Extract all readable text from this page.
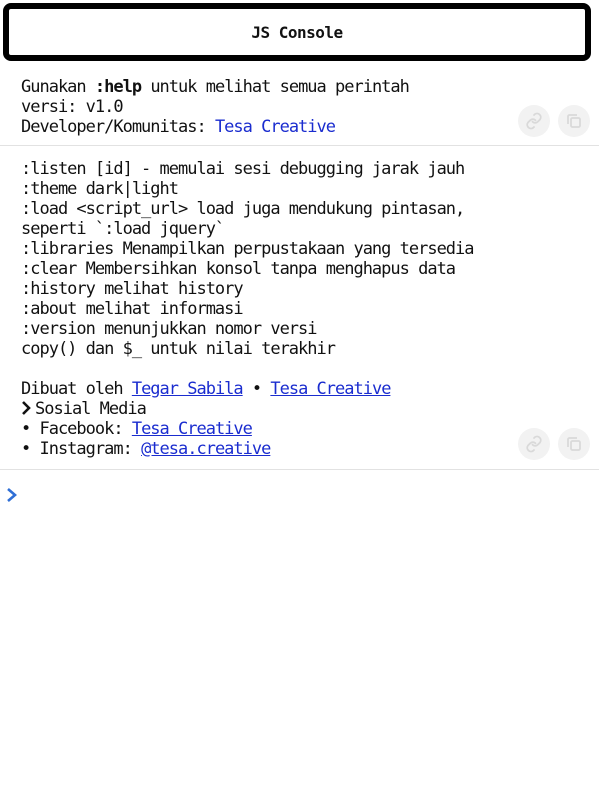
JS Console
Gunakan :help untuk melihat semua perintah
versi: v1.0
Developer/Komunitas: Tesa Creative
:listen [id] - memulai sesi debugging jarak jauh
:theme dark|light
:load <script_url> load juga mendukung pintasan,
seperti `:load jquery`
:libraries Menampilkan perpustakaan yang tersedia
:clear Membersihkan konsol tanpa menghapus data
:history melihat history
:about melihat informasi
:version menunjukkan nomor versi
copy() dan $_ untuk nilai terakhir
Dibuat oleh Tegar Sabila • Tesa Creative
Sosial Media
• Facebook: Tesa Creative
• Instagram: @tesa.creative
